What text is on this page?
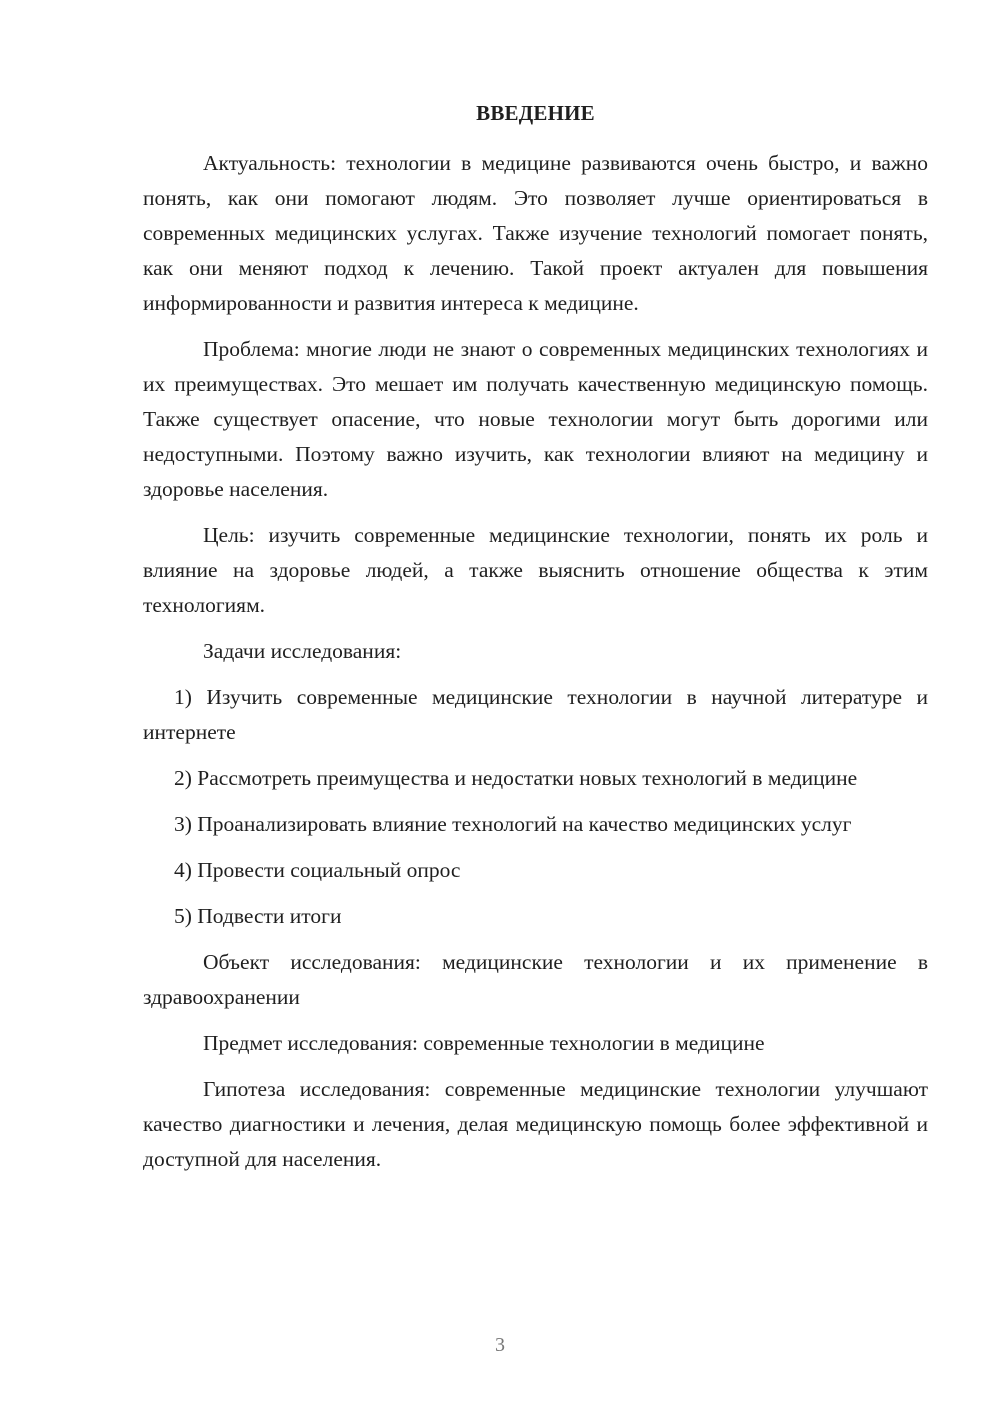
ВВЕДЕНИЕ

Актуальность: технологии в медицине развиваются очень быстро, и важно понять, как они помогают людям. Это позволяет лучше ориентироваться в современных медицинских услугах. Также изучение технологий помогает понять, как они меняют подход к лечению. Такой проект актуален для повышения информированности и развития интереса к медицине.

Проблема: многие люди не знают о современных медицинских технологиях и их преимуществах. Это мешает им получать качественную медицинскую помощь. Также существует опасение, что новые технологии могут быть дорогими или недоступными. Поэтому важно изучить, как технологии влияют на медицину и здоровье населения.

Цель: изучить современные медицинские технологии, понять их роль и влияние на здоровье людей, а также выяснить отношение общества к этим технологиям.

Задачи исследования:

1) Изучить современные медицинские технологии в научной литературе и интернете

2) Рассмотреть преимущества и недостатки новых технологий в медицине

3) Проанализировать влияние технологий на качество медицинских услуг

4) Провести социальный опрос

5) Подвести итоги

Объект исследования: медицинские технологии и их применение в здравоохранении

Предмет исследования: современные технологии в медицине

Гипотеза исследования: современные медицинские технологии улучшают качество диагностики и лечения, делая медицинскую помощь более эффективной и доступной для населения.

3
